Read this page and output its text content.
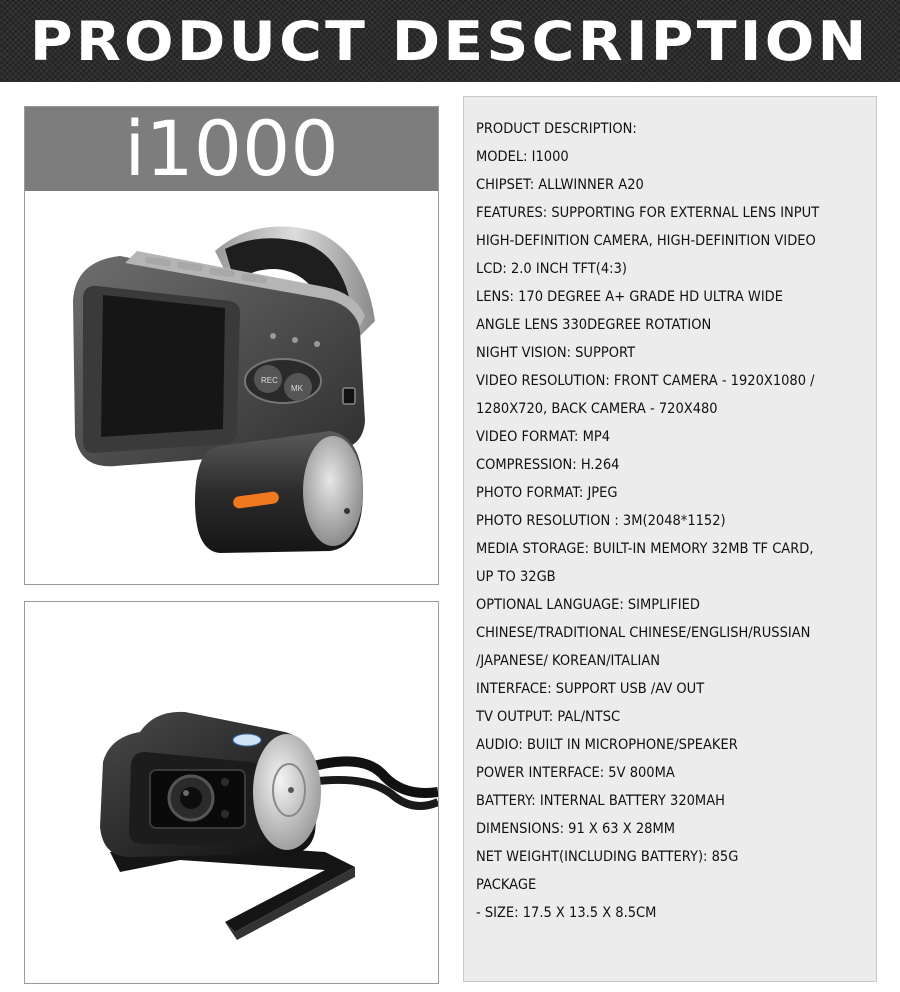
PRODUCT DESCRIPTION
i1000
REC
MK
PRODUCT DESCRIPTION:
MODEL: I1000
CHIPSET: ALLWINNER A20
FEATURES: SUPPORTING FOR EXTERNAL LENS INPUT
HIGH-DEFINITION CAMERA, HIGH-DEFINITION VIDEO
LCD: 2.0 INCH TFT(4:3)
LENS: 170 DEGREE A+ GRADE HD ULTRA WIDE
ANGLE LENS 330DEGREE ROTATION
NIGHT VISION: SUPPORT
VIDEO RESOLUTION: FRONT CAMERA - 1920X1080 /
1280X720, BACK CAMERA - 720X480
VIDEO FORMAT: MP4
COMPRESSION: H.264
PHOTO FORMAT: JPEG
PHOTO RESOLUTION : 3M(2048*1152)
MEDIA STORAGE: BUILT-IN MEMORY 32MB TF CARD,
UP TO 32GB
OPTIONAL LANGUAGE: SIMPLIFIED
CHINESE/TRADITIONAL CHINESE/ENGLISH/RUSSIAN
/JAPANESE/ KOREAN/ITALIAN
INTERFACE: SUPPORT USB /AV OUT
TV OUTPUT: PAL/NTSC
AUDIO: BUILT IN MICROPHONE/SPEAKER
POWER INTERFACE: 5V 800MA
BATTERY: INTERNAL BATTERY 320MAH
DIMENSIONS: 91 X 63 X 28MM
NET WEIGHT(INCLUDING BATTERY): 85G
PACKAGE
- SIZE: 17.5 X 13.5 X 8.5CM
